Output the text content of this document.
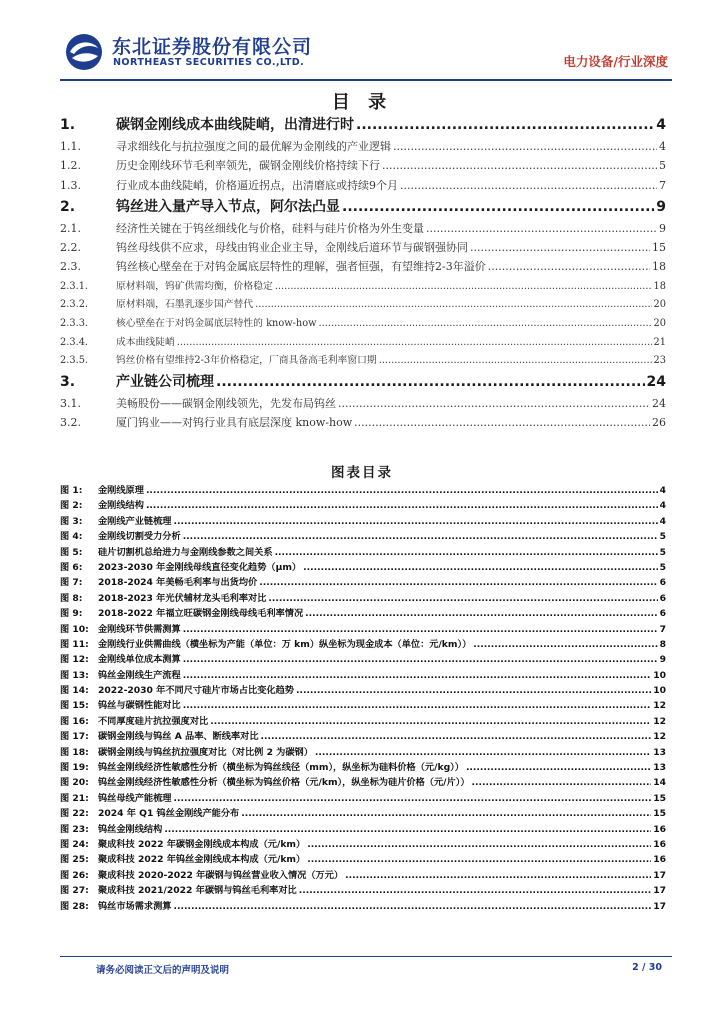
东北证券股份有限公司
NORTHEAST SECURITIES CO.,LTD.	电力设备/行业深度
目 录
1.	碳钢金刚线成本曲线陡峭，出清进行时 .....	4
1.1.	寻求细线化与抗拉强度之间的最优解为金刚线的产业逻辑 .....	4
1.2.	历史金刚线环节毛利率领先，碳钢金刚线价格持续下行 .....	5
1.3.	行业成本曲线陡峭，价格逼近拐点，出清磨底或持续9个月 .....	7
2.	钨丝进入量产导入节点，阿尔法凸显 .....	9
2.1.	经济性关键在于钨丝细线化与价格，硅料与硅片价格为外生变量 .....	9
2.2.	钨丝母线供不应求，母线由钨业企业主导，金刚线后道环节与碳钢强协同 .....	15
2.3.	钨丝核心壁垒在于对钨金属底层特性的理解，强者恒强，有望维持2-3年溢价 .....	18
2.3.1.	原材料端，钨矿供需均衡，价格稳定 .....	18
2.3.2.	原材料端，石墨乳逐步国产替代 .....	20
2.3.3.	核心壁垒在于对钨金属底层特性的 know-how .....	20
2.3.4.	成本曲线陡峭 .....	21
2.3.5.	钨丝价格有望维持2-3年价格稳定，厂商具备高毛利率窗口期 .....	23
3.	产业链公司梳理 .....	24
3.1.	美畅股份——碳钢金刚线领先，先发布局钨丝 .....	24
3.2.	厦门钨业——对钨行业具有底层深度 know-how .....	26
图表目录
图 1:	金刚线原理 .....	4
图 2:	金刚线结构 .....	4
图 3:	金刚线产业链梳理 .....	4
图 4:	金刚线切割受力分析 .....	5
图 5:	硅片切割机总给进力与金刚线参数之间关系 .....	5
图 6:	2023-2030 年金刚线母线直径变化趋势（μm） .....	5
图 7:	2018-2024 年美畅毛利率与出货均价 .....	6
图 8:	2018-2023 年光伏辅材龙头毛利率对比 .....	6
图 9:	2018-2022 年福立旺碳钢金刚线母线毛利率情况 .....	6
图 10: 金刚线环节供需测算 .....	7
图 11: 金刚线行业供需曲线（横坐标为产能（单位：万 km）纵坐标为现金成本（单位：元/km）） .....	8
图 12: 金刚线单位成本测算 .....	9
图 13: 钨丝金刚线生产流程 .....	10
图 14: 2022-2030 年不同尺寸硅片市场占比变化趋势 .....	10
图 15: 钨丝与碳钢性能对比 .....	12
图 16: 不同厚度硅片抗拉强度对比 .....	12
图 17: 碳钢金刚线与钨丝 A 品率、断线率对比 .....	12
图 18: 碳钢金刚线与钨丝抗拉强度对比（对比例 2 为碳钢） .....	13
图 19: 钨丝金刚线经济性敏感性分析（横坐标为钨丝线径（mm），纵坐标为硅料价格（元/kg）） .....	13
图 20: 钨丝金刚线经济性敏感性分析（横坐标为钨丝价格（元/km），纵坐标为硅片价格（元/片）） .....	14
图 21: 钨丝母线产能梳理 .....	15
图 22: 2024 年 Q1 钨丝金刚线产能分布 .....	15
图 23: 钨丝金刚线结构 .....	16
图 24: 聚成科技 2022 年碳钢金刚线成本构成（元/km） .....	16
图 25: 聚成科技 2022 年钨丝金刚线成本构成（元/km） .....	16
图 26: 聚成科技 2020-2022 年碳钢与钨丝营业收入情况（万元） .....	17
图 27: 聚成科技 2021/2022 年碳钢与钨丝毛利率对比 .....	17
图 28: 钨丝市场需求测算 .....	17
请务必阅读正文后的声明及说明	2 / 30
